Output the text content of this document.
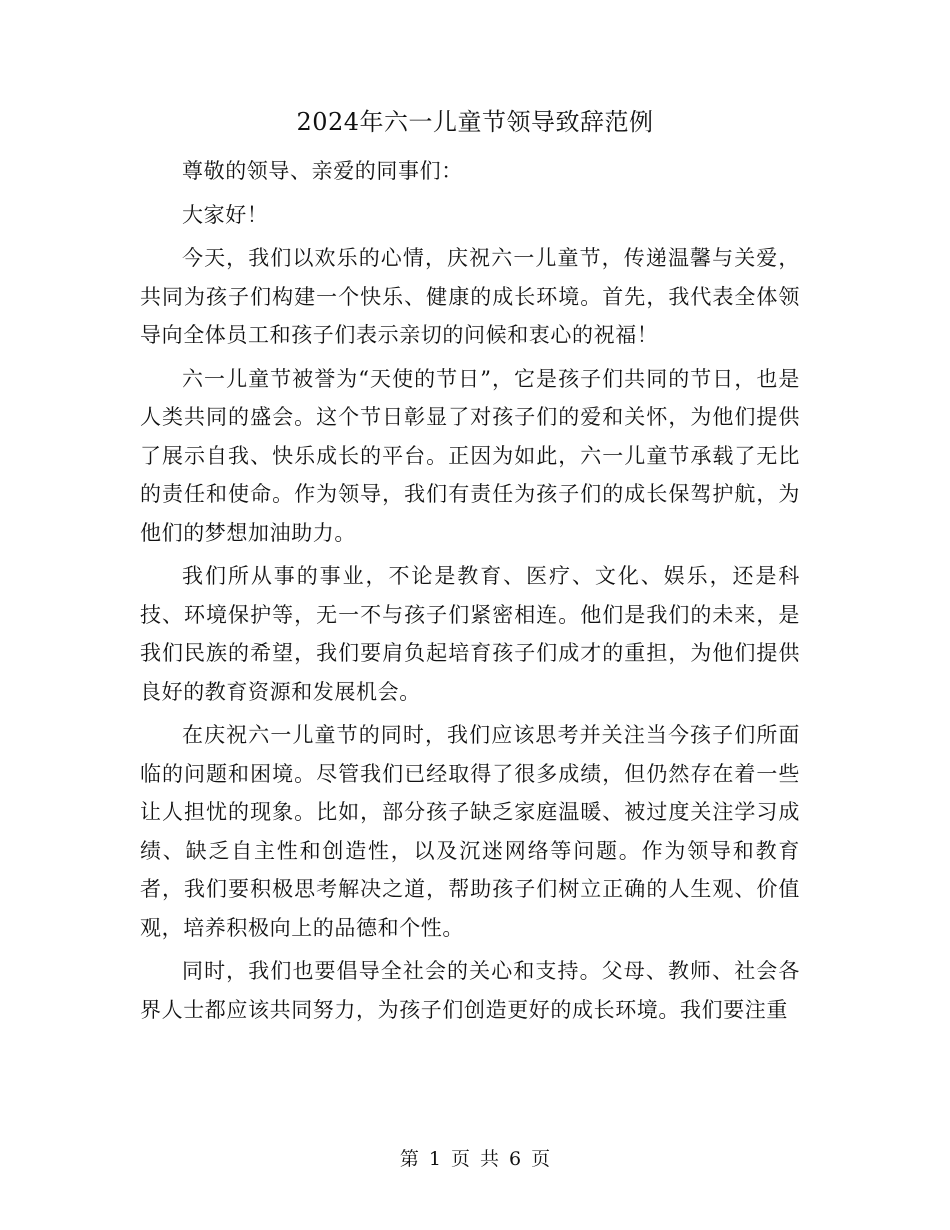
2024年六一儿童节领导致辞范例

尊敬的领导、亲爱的同事们：

大家好！

今天，我们以欢乐的心情，庆祝六一儿童节，传递温馨与关爱，共同为孩子们构建一个快乐、健康的成长环境。首先，我代表全体领导向全体员工和孩子们表示亲切的问候和衷心的祝福！

六一儿童节被誉为“天使的节日”，它是孩子们共同的节日，也是人类共同的盛会。这个节日彰显了对孩子们的爱和关怀，为他们提供了展示自我、快乐成长的平台。正因为如此，六一儿童节承载了无比的责任和使命。作为领导，我们有责任为孩子们的成长保驾护航，为他们的梦想加油助力。

我们所从事的事业，不论是教育、医疗、文化、娱乐，还是科技、环境保护等，无一不与孩子们紧密相连。他们是我们的未来，是我们民族的希望，我们要肩负起培育孩子们成才的重担，为他们提供良好的教育资源和发展机会。

在庆祝六一儿童节的同时，我们应该思考并关注当今孩子们所面临的问题和困境。尽管我们已经取得了很多成绩，但仍然存在着一些让人担忧的现象。比如，部分孩子缺乏家庭温暖、被过度关注学习成绩、缺乏自主性和创造性，以及沉迷网络等问题。作为领导和教育者，我们要积极思考解决之道，帮助孩子们树立正确的人生观、价值观，培养积极向上的品德和个性。

同时，我们也要倡导全社会的关心和支持。父母、教师、社会各界人士都应该共同努力，为孩子们创造更好的成长环境。我们要注重

第 1 页 共 6 页
